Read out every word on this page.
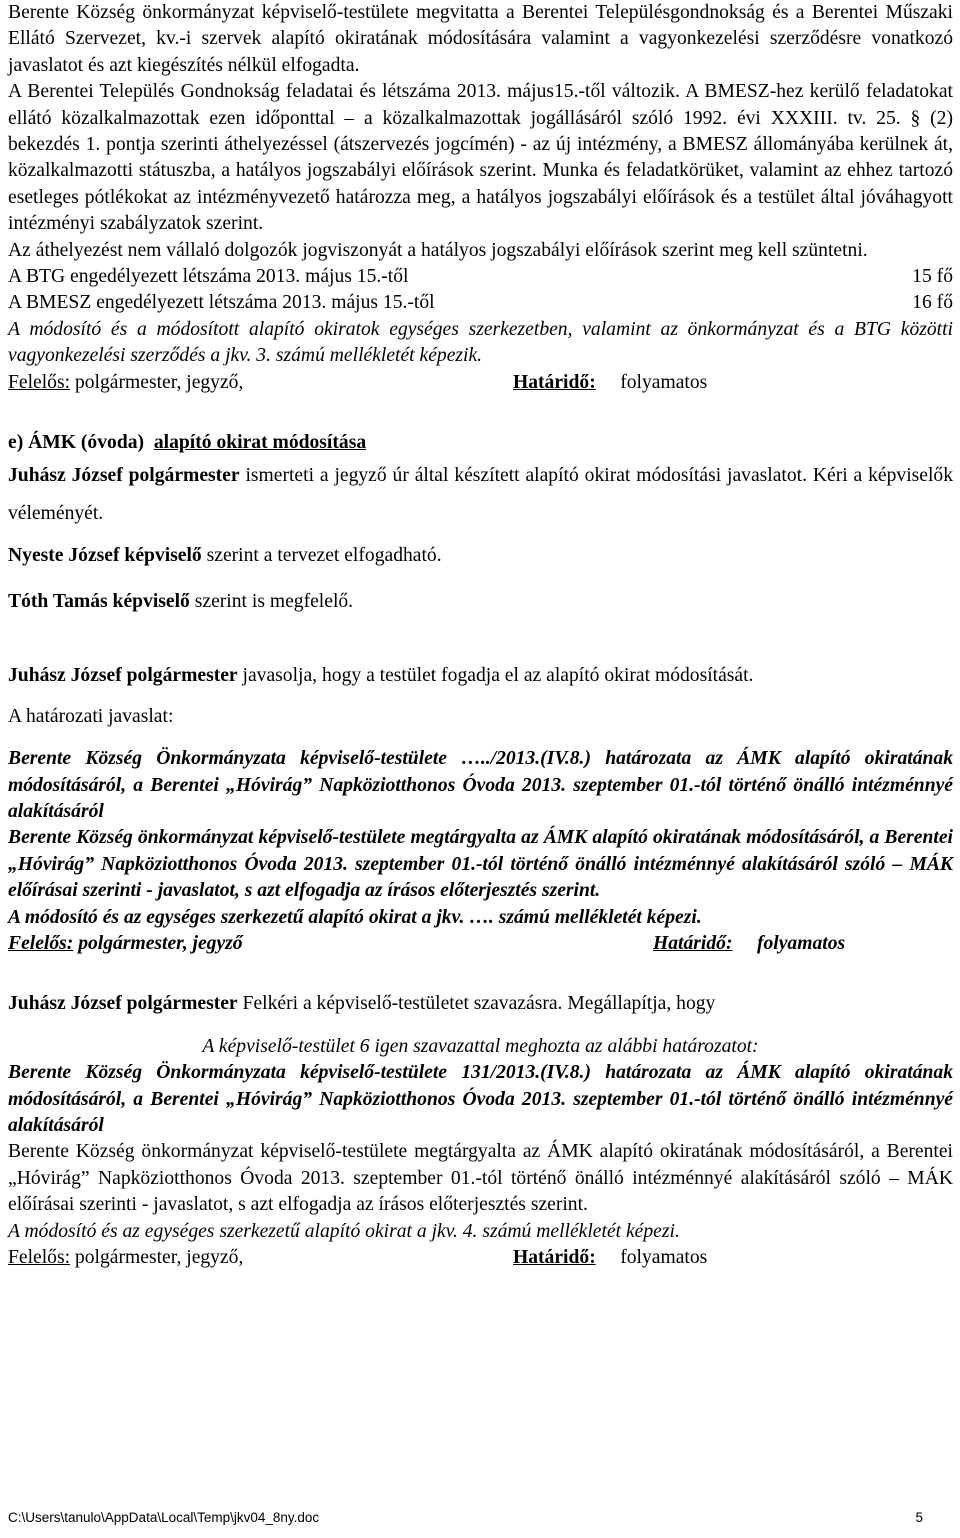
Berente Község önkormányzat képviselő-testülete megvitatta a Berentei Településgondnokság és a Berentei Műszaki Ellátó Szervezet, kv.-i szervek alapító okiratának módosítására valamint a vagyonkezelési szerződésre vonatkozó javaslatot és azt kiegészítés nélkül elfogadta.

A Berentei Település Gondnokság feladatai és létszáma 2013. május15.-től változik. A BMESZ-hez kerülő feladatokat ellátó közalkalmazottak ezen időponttal – a közalkalmazottak jogállásáról szóló 1992. évi XXXIII. tv. 25. § (2) bekezdés 1. pontja szerinti áthelyezéssel (átszervezés jogcímén) - az új intézmény, a BMESZ állományába kerülnek át, közalkalmazotti státuszba, a hatályos jogszabályi előírások szerint. Munka és feladatkörüket, valamint az ehhez tartozó esetleges pótlékokat az intézményvezető határozza meg, a hatályos jogszabályi előírások és a testület által jóváhagyott intézményi szabályzatok szerint.

Az áthelyezést nem vállaló dolgozók jogviszonyát a hatályos jogszabályi előírások szerint meg kell szüntetni.

A BTG engedélyezett létszáma 2013. május 15.-től	15 fő
A BMESZ engedélyezett létszáma 2013. május 15.-től	16 fő

A módosító és a módosított alapító okiratok egységes szerkezetben, valamint az önkormányzat és a BTG közötti vagyonkezelési szerződés a jkv. 3. számú mellékletét képezik.

Felelős: polgármester, jegyző,	Határidő: folyamatos

e) ÁMK (óvoda) alapító okirat módosítása

Juhász József polgármester ismerteti a jegyző úr által készített alapító okirat módosítási javaslatot. Kéri a képviselők véleményét.

Nyeste József képviselő szerint a tervezet elfogadható.

Tóth Tamás képviselő szerint is megfelelő.

Juhász József polgármester javasolja, hogy a testület fogadja el az alapító okirat módosítását.

A határozati javaslat:

Berente Község Önkormányzata képviselő-testülete …../2013.(IV.8.) határozata az ÁMK alapító okiratának módosításáról, a Berentei „Hóvirág” Napköziotthonos Óvoda 2013. szeptember 01.-tól történő önálló intézménnyé alakításáról

Berente Község önkormányzat képviselő-testülete megtárgyalta az ÁMK alapító okiratának módosításáról, a Berentei „Hóvirág” Napköziotthonos Óvoda 2013. szeptember 01.-tól történő önálló intézménnyé alakításáról szóló – MÁK előírásai szerinti - javaslatot, s azt elfogadja az írásos előterjesztés szerint.

A módosító és az egységes szerkezetű alapító okirat a jkv. …. számú mellékletét képezi.

Felelős: polgármester, jegyző	Határidő: folyamatos

Juhász József polgármester Felkéri a képviselő-testületet szavazásra. Megállapítja, hogy

A képviselő-testület 6 igen szavazattal meghozta az alábbi határozatot:

Berente Község Önkormányzata képviselő-testülete 131/2013.(IV.8.) határozata az ÁMK alapító okiratának módosításáról, a Berentei „Hóvirág” Napköziotthonos Óvoda 2013. szeptember 01.-tól történő önálló intézménnyé alakításáról

Berente Község önkormányzat képviselő-testülete megtárgyalta az ÁMK alapító okiratának módosításáról, a Berentei „Hóvirág” Napköziotthonos Óvoda 2013. szeptember 01.-tól történő önálló intézménnyé alakításáról szóló – MÁK előírásai szerinti - javaslatot, s azt elfogadja az írásos előterjesztés szerint.

A módosító és az egységes szerkezetű alapító okirat a jkv. 4. számú mellékletét képezi.

Felelős: polgármester, jegyző,	Határidő: folyamatos
C:\Users\tanulo\AppData\Local\Temp\jkv04_8ny.doc	5
